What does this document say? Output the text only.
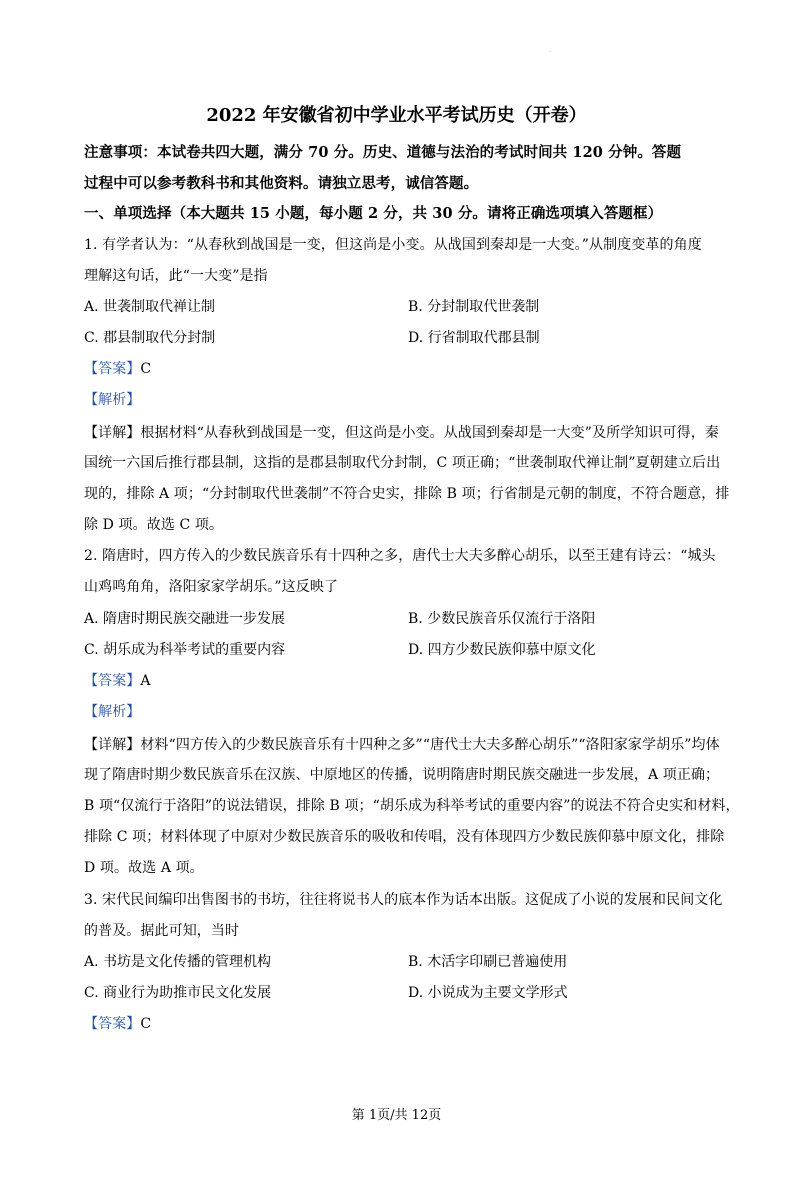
·
2022 年安徽省初中学业水平考试历史（开卷）
注意事项：本试卷共四大题，满分 70 分。历史、道德与法治的考试时间共 120 分钟。答题
过程中可以参考教科书和其他资料。请独立思考，诚信答题。
一、单项选择（本大题共 15 小题，每小题 2 分，共 30 分。请将正确选项填入答题框）
1. 有学者认为：“从春秋到战国是一变，但这尚是小变。从战国到秦却是一大变。”从制度变革的角度
理解这句话，此“一大变”是指
A. 世袭制取代禅让制	B. 分封制取代世袭制
C. 郡县制取代分封制	D. 行省制取代郡县制
【答案】C
【解析】
【详解】根据材料“从春秋到战国是一变，但这尚是小变。从战国到秦却是一大变”及所学知识可得，秦
国统一六国后推行郡县制，这指的是郡县制取代分封制，C 项正确；“世袭制取代禅让制”夏朝建立后出
现的，排除 A 项；“分封制取代世袭制”不符合史实，排除 B 项；行省制是元朝的制度，不符合题意，排
除 D 项。故选 C 项。
2. 隋唐时，四方传入的少数民族音乐有十四种之多，唐代士大夫多醉心胡乐，以至王建有诗云：“城头
山鸡鸣角角，洛阳家家学胡乐。”这反映了
A. 隋唐时期民族交融进一步发展	B. 少数民族音乐仅流行于洛阳
C. 胡乐成为科举考试的重要内容	D. 四方少数民族仰慕中原文化
【答案】A
【解析】
【详解】材料“四方传入的少数民族音乐有十四种之多”“唐代士大夫多醉心胡乐”“洛阳家家学胡乐”均体
现了隋唐时期少数民族音乐在汉族、中原地区的传播，说明隋唐时期民族交融进一步发展，A 项正确；
B 项“仅流行于洛阳”的说法错误，排除 B 项；“胡乐成为科举考试的重要内容”的说法不符合史实和材料，
排除 C 项；材料体现了中原对少数民族音乐的吸收和传唱，没有体现四方少数民族仰慕中原文化，排除
D 项。故选 A 项。
3. 宋代民间编印出售图书的书坊，往往将说书人的底本作为话本出版。这促成了小说的发展和民间文化
的普及。据此可知，当时
A. 书坊是文化传播的管理机构	B. 木活字印刷已普遍使用
C. 商业行为助推市民文化发展	D. 小说成为主要文学形式
【答案】C
第 1页/共 12页
